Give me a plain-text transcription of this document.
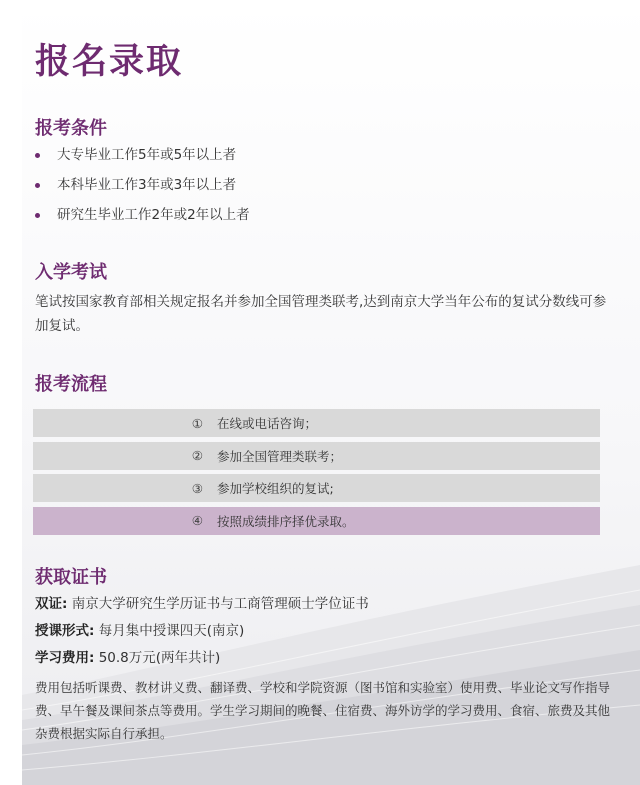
报名录取
报考条件
大专毕业工作5年或5年以上者
本科毕业工作3年或3年以上者
研究生毕业工作2年或2年以上者
入学考试
笔试按国家教育部相关规定报名并参加全国管理类联考,达到南京大学当年公布的复试分数线可参加复试。
报考流程
①	在线或电话咨询；
②	参加全国管理类联考；
③	参加学校组织的复试;
④	按照成绩排序择优录取。
获取证书
双证: 南京大学研究生学历证书与工商管理硕士学位证书
授课形式: 每月集中授课四天(南京)
学习费用: 50.8万元(两年共计)
费用包括听课费、教材讲义费、翻译费、学校和学院资源（图书馆和实验室）使用费、毕业论文写作指导费、早午餐及课间茶点等费用。学生学习期间的晚餐、住宿费、海外访学的学习费用、食宿、旅费及其他杂费根据实际自行承担。
